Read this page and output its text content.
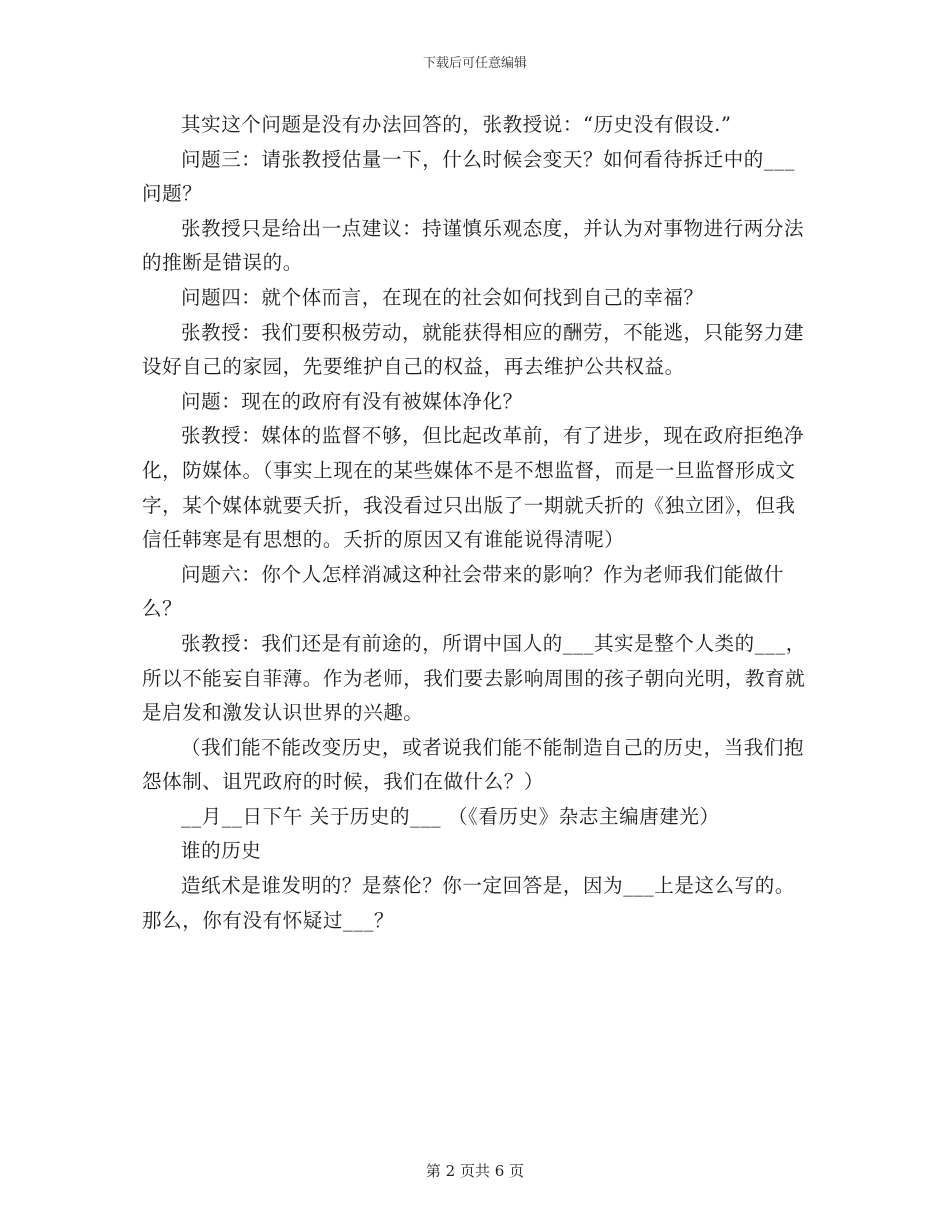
下载后可任意编辑

其实这个问题是没有办法回答的，张教授说：“历史没有假设.”

问题三：请张教授估量一下，什么时候会变天？如何看待拆迁中的___问题？

张教授只是给出一点建议：持谨慎乐观态度，并认为对事物进行两分法的推断是错误的。

问题四：就个体而言，在现在的社会如何找到自己的幸福？

张教授：我们要积极劳动，就能获得相应的酬劳，不能逃，只能努力建设好自己的家园，先要维护自己的权益，再去维护公共权益。

问题：现在的政府有没有被媒体净化？

张教授：媒体的监督不够，但比起改革前，有了进步，现在政府拒绝净化，防媒体。（事实上现在的某些媒体不是不想监督，而是一旦监督形成文字，某个媒体就要夭折，我没看过只出版了一期就夭折的《独立团》，但我信任韩寒是有思想的。夭折的原因又有谁能说得清呢）

问题六：你个人怎样消减这种社会带来的影响？作为老师我们能做什么？

张教授：我们还是有前途的，所谓中国人的___其实是整个人类的___，所以不能妄自菲薄。作为老师，我们要去影响周围的孩子朝向光明，教育就是启发和激发认识世界的兴趣。

（我们能不能改变历史，或者说我们能不能制造自己的历史，当我们抱怨体制、诅咒政府的时候，我们在做什么？）

__月__日下午 关于历史的___ （《看历史》杂志主编唐建光）

谁的历史

造纸术是谁发明的？是蔡伦？你一定回答是，因为___上是这么写的。那么，你有没有怀疑过___？

第 2 页共 6 页
